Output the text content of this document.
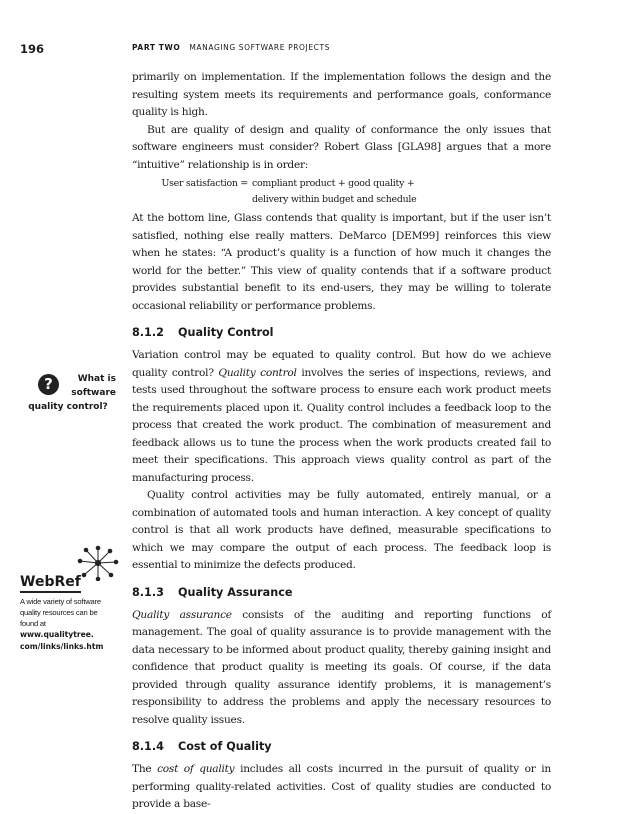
196	PART TWO MANAGING SOFTWARE PROJECTS

primarily on implementation. If the implementation follows the design and the resulting system meets its requirements and performance goals, conformance quality is high.

But are quality of design and quality of conformance the only issues that software engineers must consider? Robert Glass [GLA98] argues that a more “intuitive” relationship is in order:

User satisfaction = compliant product + good quality +
delivery within budget and schedule

At the bottom line, Glass contends that quality is important, but if the user isn’t satisfied, nothing else really matters. DeMarco [DEM99] reinforces this view when he states: “A product’s quality is a function of how much it changes the world for the better.” This view of quality contends that if a software product provides substantial benefit to its end-users, they may be willing to tolerate occasional reliability or performance problems.

8.1.2 Quality Control

Variation control may be equated to quality control. But how do we achieve quality control? Quality control involves the series of inspections, reviews, and tests used throughout the software process to ensure each work product meets the requirements placed upon it. Quality control includes a feedback loop to the process that created the work product. The combination of measurement and feedback allows us to tune the process when the work products created fail to meet their specifications. This approach views quality control as part of the manufacturing process.

Quality control activities may be fully automated, entirely manual, or a combination of automated tools and human interaction. A key concept of quality control is that all work products have defined, measurable specifications to which we may compare the output of each process. The feedback loop is essential to minimize the defects produced.

8.1.3 Quality Assurance

Quality assurance consists of the auditing and reporting functions of management. The goal of quality assurance is to provide management with the data necessary to be informed about product quality, thereby gaining insight and confidence that product quality is meeting its goals. Of course, if the data provided through quality assurance identify problems, it is management’s responsibility to address the problems and apply the necessary resources to resolve quality issues.

8.1.4 Cost of Quality

The cost of quality includes all costs incurred in the pursuit of quality or in performing quality-related activities. Cost of quality studies are conducted to provide a base-

?	What is
software
quality control?
WebRef
A wide variety of software
quality resources can be
found at
www.qualitytree.
com/links/links.htm
